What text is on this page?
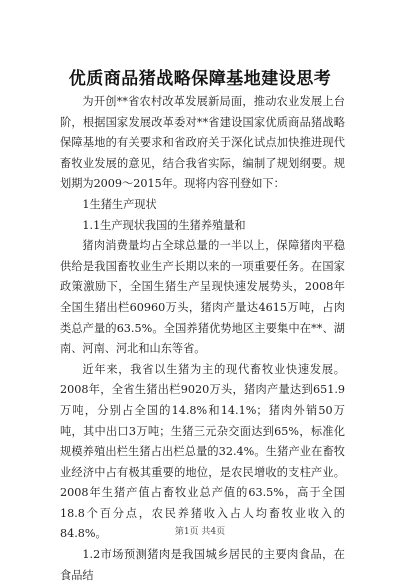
优质商品猪战略保障基地建设思考

为开创**省农村改革发展新局面，推动农业发展上台阶，根据国家发展改革委对**省建设国家优质商品猪战略保障基地的有关要求和省政府关于深化试点加快推进现代畜牧业发展的意见，结合我省实际，编制了规划纲要。规划期为2009～2015年。现将内容刊登如下：

1生猪生产现状

1.1生产现状我国的生猪养殖量和

猪肉消费量均占全球总量的一半以上，保障猪肉平稳供给是我国畜牧业生产长期以来的一项重要任务。在国家政策激励下，全国生猪生产呈现快速发展势头，2008年全国生猪出栏60960万头，猪肉产量达4615万吨，占肉类总产量的63.5%。全国养猪优势地区主要集中在**、湖南、河南、河北和山东等省。

近年来，我省以生猪为主的现代畜牧业快速发展。2008年，全省生猪出栏9020万头，猪肉产量达到651.9万吨，分别占全国的14.8%和14.1%；猪肉外销50万吨，其中出口3万吨；生猪三元杂交面达到65%，标准化规模养殖出栏生猪占出栏总量的32.4%。生猪产业在畜牧业经济中占有极其重要的地位，是农民增收的支柱产业。2008年生猪产值占畜牧业总产值的63.5%，高于全国18.8个百分点，农民养猪收入占人均畜牧业收入的84.8%。

1.2市场预测猪肉是我国城乡居民的主要肉食品，在食品结

第1页 共4页
